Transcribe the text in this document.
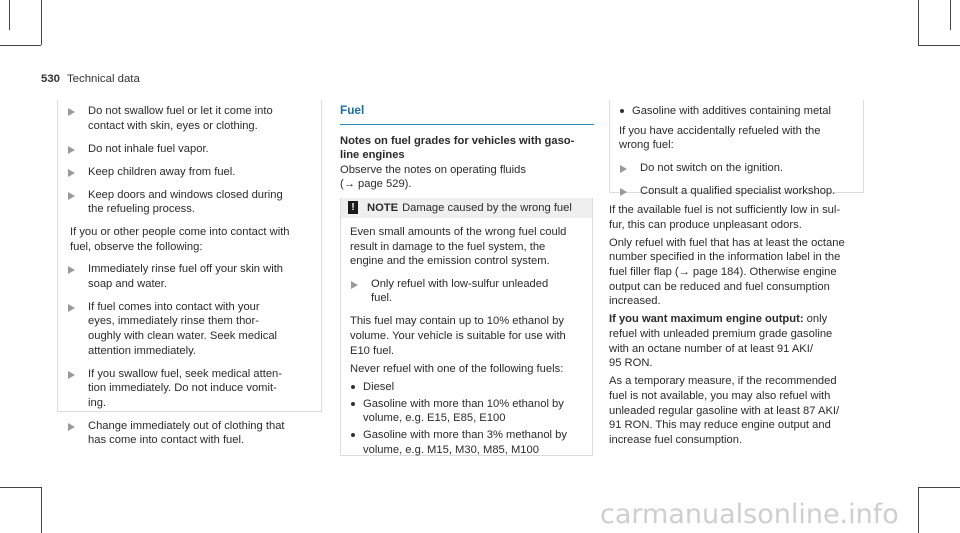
530 Technical data
Do not swallow fuel or let it come into
contact with skin, eyes or clothing.
Do not inhale fuel vapor.
Keep children away from fuel.
Keep doors and windows closed during
the refueling process.
If you or other people come into contact with
fuel, observe the following:
Immediately rinse fuel off your skin with
soap and water.
If fuel comes into contact with your
eyes, immediately rinse them thor-
oughly with clean water. Seek medical
attention immediately.
If you swallow fuel, seek medical atten-
tion immediately. Do not induce vomit-
ing.
Change immediately out of clothing that
has come into contact with fuel.
Fuel
Notes on fuel grades for vehicles with gaso-
line engines
Observe the notes on operating fluids
(→ page 529).
! NOTE Damage caused by the wrong fuel
Even small amounts of the wrong fuel could
result in damage to the fuel system, the
engine and the emission control system.
Only refuel with low-sulfur unleaded
fuel.
This fuel may contain up to 10% ethanol by
volume. Your vehicle is suitable for use with
E10 fuel.
Never refuel with one of the following fuels:
Diesel
Gasoline with more than 10% ethanol by
volume, e.g. E15, E85, E100
Gasoline with more than 3% methanol by
volume, e.g. M15, M30, M85, M100
Gasoline with additives containing metal
If you have accidentally refueled with the
wrong fuel:
Do not switch on the ignition.
Consult a qualified specialist workshop.
If the available fuel is not sufficiently low in sul-
fur, this can produce unpleasant odors.
Only refuel with fuel that has at least the octane
number specified in the information label in the
fuel filler flap (→ page 184). Otherwise engine
output can be reduced and fuel consumption
increased.
If you want maximum engine output: only
refuel with unleaded premium grade gasoline
with an octane number of at least 91 AKI/
95 RON.
As a temporary measure, if the recommended
fuel is not available, you may also refuel with
unleaded regular gasoline with at least 87 AKI/
91 RON. This may reduce engine output and
increase fuel consumption.
carmanualsonline.info
